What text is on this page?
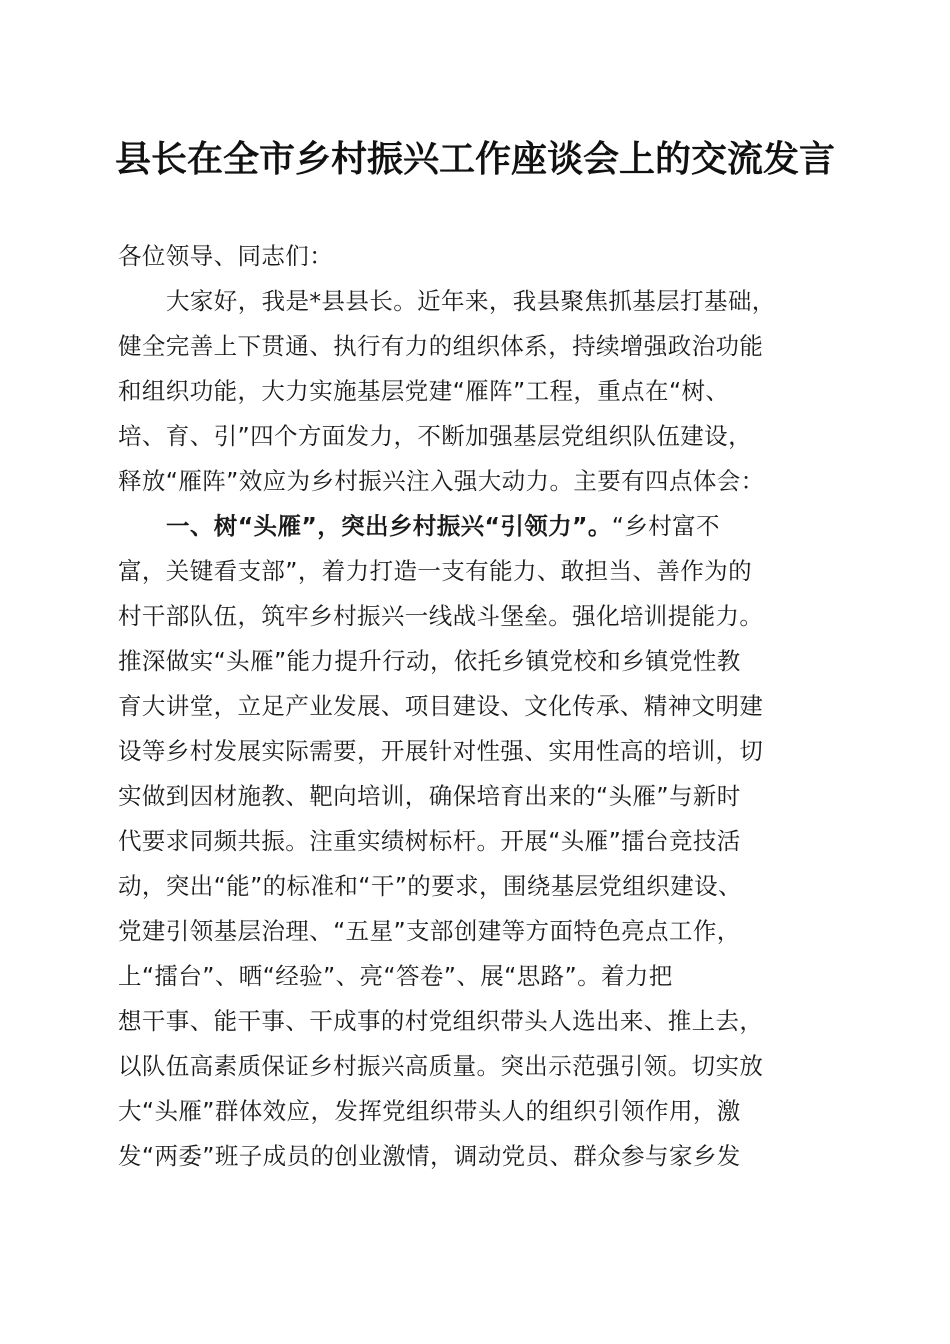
县长在全市乡村振兴工作座谈会上的交流发言
各位领导、同志们：
大家好，我是*县县长。近年来，我县聚焦抓基层打基础，
健全完善上下贯通、执行有力的组织体系，持续增强政治功能
和组织功能，大力实施基层党建“雁阵”工程，重点在“树、
培、育、引”四个方面发力，不断加强基层党组织队伍建设，
释放“雁阵”效应为乡村振兴注入强大动力。主要有四点体会：
一、树“头雁”，突出乡村振兴“引领力”。“乡村富不
富，关键看支部”，着力打造一支有能力、敢担当、善作为的
村干部队伍，筑牢乡村振兴一线战斗堡垒。强化培训提能力。
推深做实“头雁”能力提升行动，依托乡镇党校和乡镇党性教
育大讲堂，立足产业发展、项目建设、文化传承、精神文明建
设等乡村发展实际需要，开展针对性强、实用性高的培训，切
实做到因材施教、靶向培训，确保培育出来的“头雁”与新时
代要求同频共振。注重实绩树标杆。开展“头雁”擂台竞技活
动，突出“能”的标准和“干”的要求，围绕基层党组织建设、
党建引领基层治理、“五星”支部创建等方面特色亮点工作，
上“擂台”、晒“经验”、亮“答卷”、展“思路”。着力把
想干事、能干事、干成事的村党组织带头人选出来、推上去，
以队伍高素质保证乡村振兴高质量。突出示范强引领。切实放
大“头雁”群体效应，发挥党组织带头人的组织引领作用，激
发“两委”班子成员的创业激情，调动党员、群众参与家乡发
